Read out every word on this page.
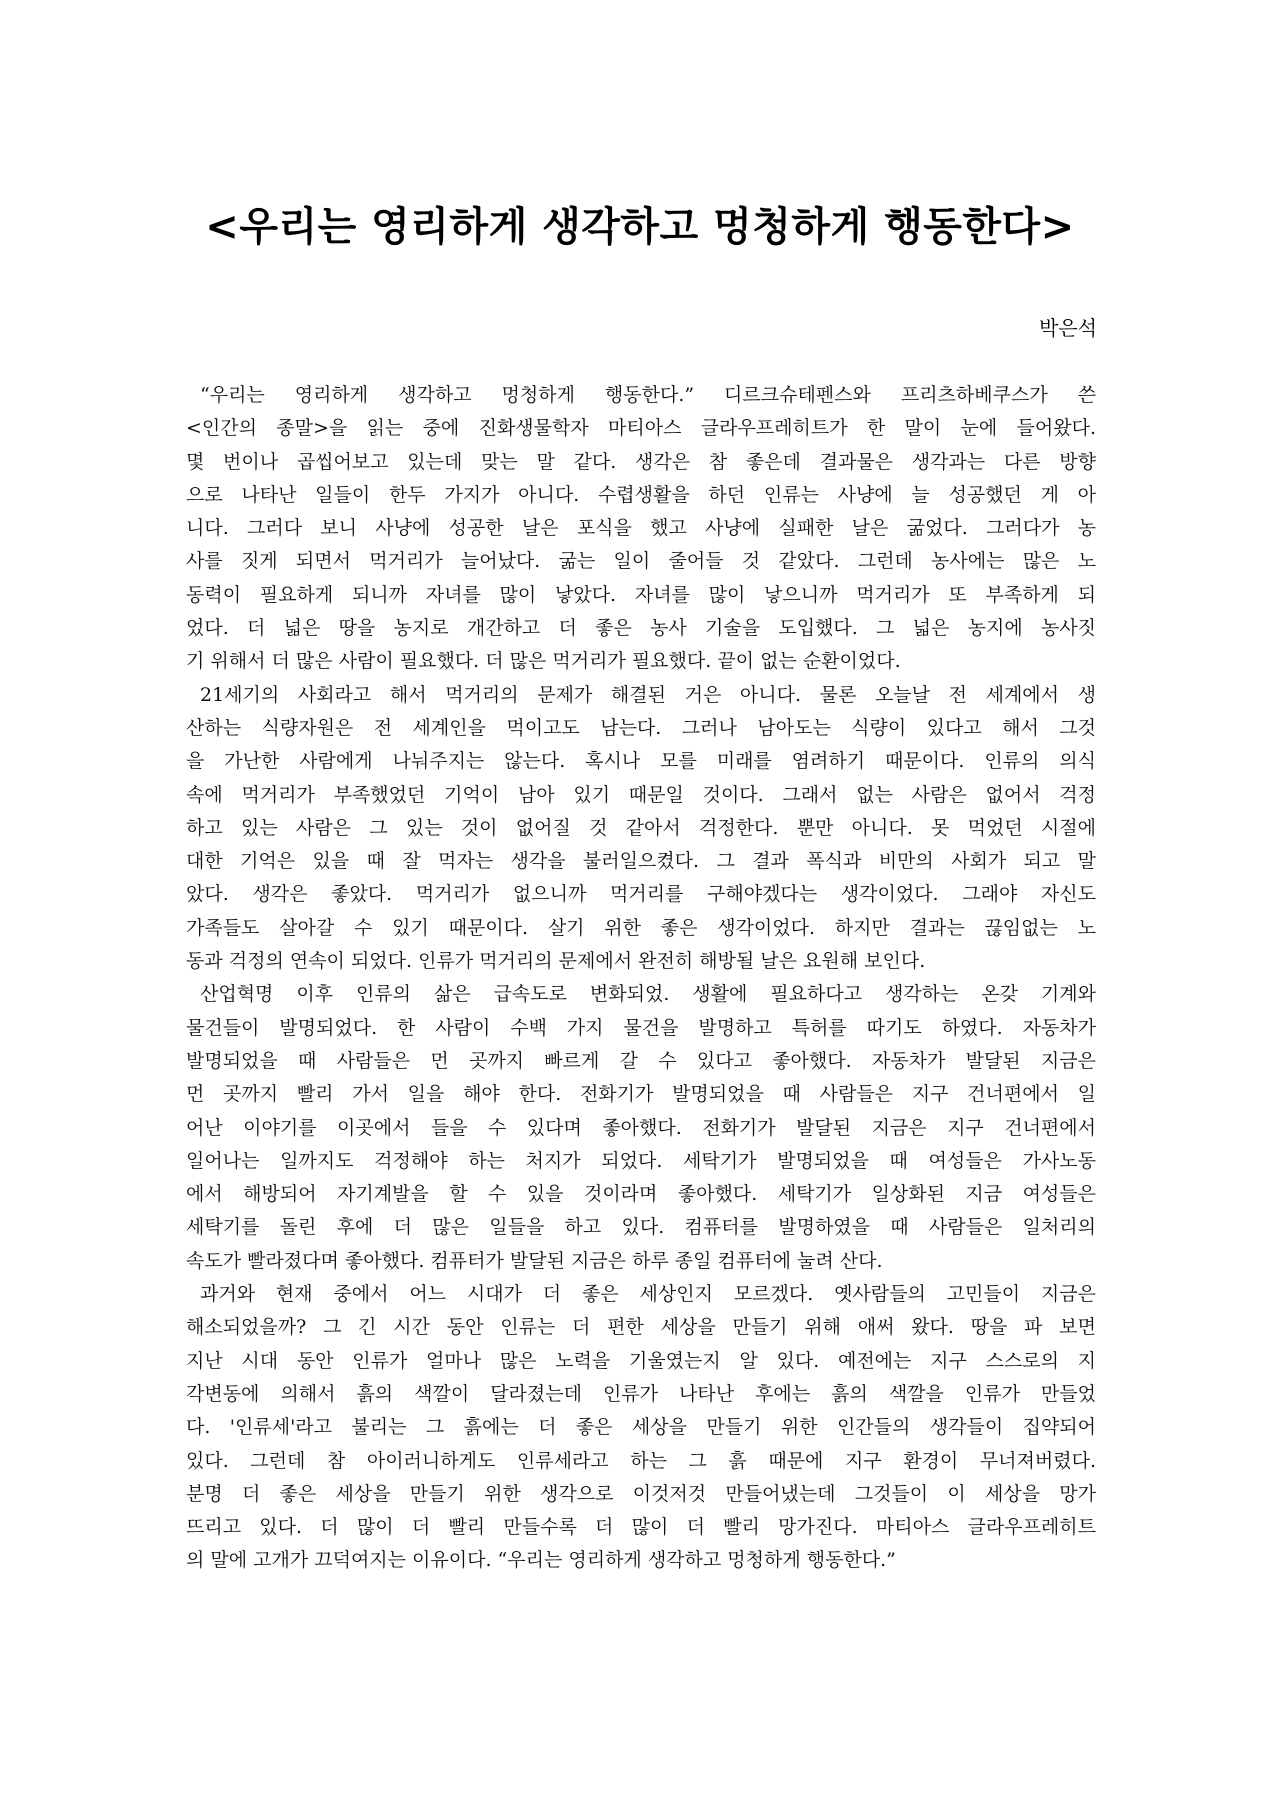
<우리는 영리하게 생각하고 멍청하게 행동한다>
박은석
“우리는 영리하게 생각하고 멍청하게 행동한다.” 디르크슈테펜스와 프리츠하베쿠스가 쓴
<인간의 종말>을 읽는 중에 진화생물학자 마티아스 글라우프레히트가 한 말이 눈에 들어왔다.
몇 번이나 곱씹어보고 있는데 맞는 말 같다. 생각은 참 좋은데 결과물은 생각과는 다른 방향
으로 나타난 일들이 한두 가지가 아니다. 수렵생활을 하던 인류는 사냥에 늘 성공했던 게 아
니다. 그러다 보니 사냥에 성공한 날은 포식을 했고 사냥에 실패한 날은 굶었다. 그러다가 농
사를 짓게 되면서 먹거리가 늘어났다. 굶는 일이 줄어들 것 같았다. 그런데 농사에는 많은 노
동력이 필요하게 되니까 자녀를 많이 낳았다. 자녀를 많이 낳으니까 먹거리가 또 부족하게 되
었다. 더 넓은 땅을 농지로 개간하고 더 좋은 농사 기술을 도입했다. 그 넓은 농지에 농사짓
기 위해서 더 많은 사람이 필요했다. 더 많은 먹거리가 필요했다. 끝이 없는 순환이었다.
21세기의 사회라고 해서 먹거리의 문제가 해결된 거은 아니다. 물론 오늘날 전 세계에서 생
산하는 식량자원은 전 세계인을 먹이고도 남는다. 그러나 남아도는 식량이 있다고 해서 그것
을 가난한 사람에게 나눠주지는 않는다. 혹시나 모를 미래를 염려하기 때문이다. 인류의 의식
속에 먹거리가 부족했었던 기억이 남아 있기 때문일 것이다. 그래서 없는 사람은 없어서 걱정
하고 있는 사람은 그 있는 것이 없어질 것 같아서 걱정한다. 뿐만 아니다. 못 먹었던 시절에
대한 기억은 있을 때 잘 먹자는 생각을 불러일으켰다. 그 결과 폭식과 비만의 사회가 되고 말
았다. 생각은 좋았다. 먹거리가 없으니까 먹거리를 구해야겠다는 생각이었다. 그래야 자신도
가족들도 살아갈 수 있기 때문이다. 살기 위한 좋은 생각이었다. 하지만 결과는 끊임없는 노
동과 걱정의 연속이 되었다. 인류가 먹거리의 문제에서 완전히 해방될 날은 요원해 보인다.
산업혁명 이후 인류의 삶은 급속도로 변화되었. 생활에 필요하다고 생각하는 온갖 기계와
물건들이 발명되었다. 한 사람이 수백 가지 물건을 발명하고 특허를 따기도 하였다. 자동차가
발명되었을 때 사람들은 먼 곳까지 빠르게 갈 수 있다고 좋아했다. 자동차가 발달된 지금은
먼 곳까지 빨리 가서 일을 해야 한다. 전화기가 발명되었을 때 사람들은 지구 건너편에서 일
어난 이야기를 이곳에서 들을 수 있다며 좋아했다. 전화기가 발달된 지금은 지구 건너편에서
일어나는 일까지도 걱정해야 하는 처지가 되었다. 세탁기가 발명되었을 때 여성들은 가사노동
에서 해방되어 자기계발을 할 수 있을 것이라며 좋아했다. 세탁기가 일상화된 지금 여성들은
세탁기를 돌린 후에 더 많은 일들을 하고 있다. 컴퓨터를 발명하였을 때 사람들은 일처리의
속도가 빨라졌다며 좋아했다. 컴퓨터가 발달된 지금은 하루 종일 컴퓨터에 눌려 산다.
과거와 현재 중에서 어느 시대가 더 좋은 세상인지 모르겠다. 옛사람들의 고민들이 지금은
해소되었을까? 그 긴 시간 동안 인류는 더 편한 세상을 만들기 위해 애써 왔다. 땅을 파 보면
지난 시대 동안 인류가 얼마나 많은 노력을 기울였는지 알 있다. 예전에는 지구 스스로의 지
각변동에 의해서 흙의 색깔이 달라졌는데 인류가 나타난 후에는 흙의 색깔을 인류가 만들었
다. '인류세'라고 불리는 그 흙에는 더 좋은 세상을 만들기 위한 인간들의 생각들이 집약되어
있다. 그런데 참 아이러니하게도 인류세라고 하는 그 흙 때문에 지구 환경이 무너져버렸다.
분명 더 좋은 세상을 만들기 위한 생각으로 이것저것 만들어냈는데 그것들이 이 세상을 망가
뜨리고 있다. 더 많이 더 빨리 만들수록 더 많이 더 빨리 망가진다. 마티아스 글라우프레히트
의 말에 고개가 끄덕여지는 이유이다. “우리는 영리하게 생각하고 멍청하게 행동한다.”
